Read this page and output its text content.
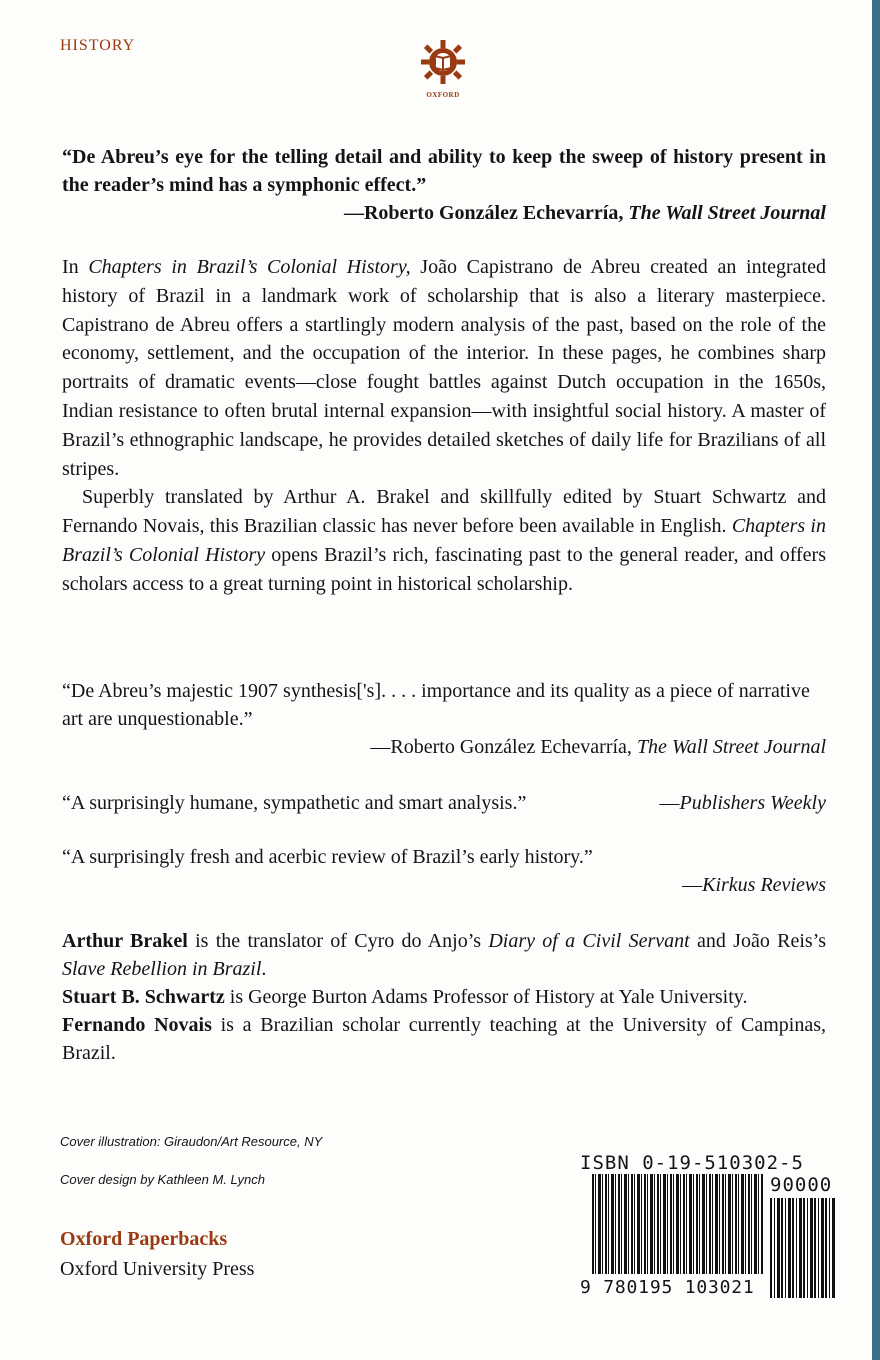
HISTORY
OXFORD
“De Abreu’s eye for the telling detail and ability to keep the sweep of history present in the reader’s mind has a symphonic effect.”
—Roberto González Echevarría, The Wall Street Journal

In Chapters in Brazil’s Colonial History, João Capistrano de Abreu created an integrated history of Brazil in a landmark work of scholarship that is also a literary masterpiece. Capistrano de Abreu offers a startlingly modern analysis of the past, based on the role of the economy, settlement, and the occupation of the interior. In these pages, he combines sharp portraits of dramatic events—close fought battles against Dutch occupation in the 1650s, Indian resistance to often brutal internal expansion—with insightful social history. A master of Brazil’s ethnographic landscape, he provides detailed sketches of daily life for Brazilians of all stripes.

Superbly translated by Arthur A. Brakel and skillfully edited by Stuart Schwartz and Fernando Novais, this Brazilian classic has never before been available in English. Chapters in Brazil’s Colonial History opens Brazil’s rich, fascinating past to the general reader, and offers scholars access to a great turning point in historical scholarship.

“De Abreu’s majestic 1907 synthesis['s]. . . . importance and its quality as a piece of narrative art are unquestionable.”
—Roberto González Echevarría, The Wall Street Journal
“A surprisingly humane, sympathetic and smart analysis.”	—Publishers Weekly
“A surprisingly fresh and acerbic review of Brazil’s early history.”
—Kirkus Reviews

Arthur Brakel is the translator of Cyro do Anjo’s Diary of a Civil Servant and João Reis’s Slave Rebellion in Brazil.

Stuart B. Schwartz is George Burton Adams Professor of History at Yale University.

Fernando Novais is a Brazilian scholar currently teaching at the University of Campinas, Brazil.

Cover illustration: Giraudon/Art Resource, NY
Cover design by Kathleen M. Lynch
Oxford Paperbacks
Oxford University Press
ISBN 0-19-510302-5
90000
9 780195 103021
